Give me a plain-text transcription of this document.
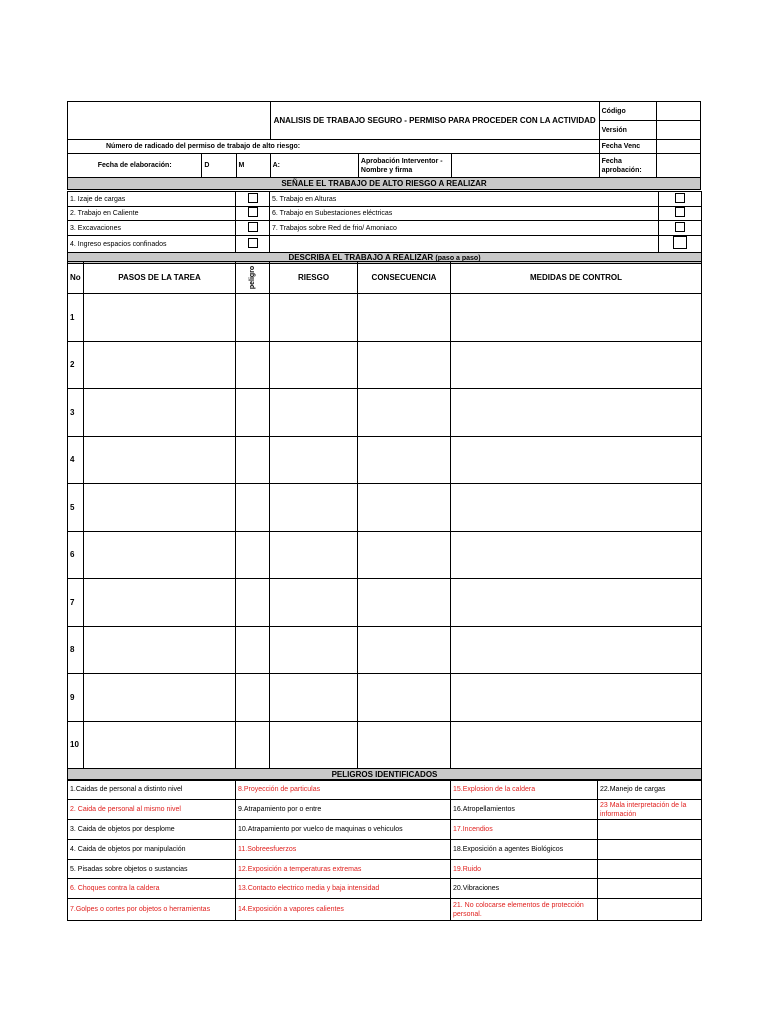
			ANALISIS DE TRABAJO SEGURO - PERMISO PARA PROCEDER CON LA ACTIVIDAD			Código	
						Versión	
Número de radicado del permiso de trabajo de alto riesgo:						Fecha Venc	
Fecha de elaboración:	D	M	A:	Aprobación Interventor - Nombre y firma		Fecha aprobación:	
SEÑALE EL TRABAJO DE ALTO RIESGO A REALIZAR							
1. Izaje de cargas		5. Trabajo en Alturas	
2. Trabajo en Caliente		6. Trabajo en Subestaciones eléctricas	
3. Excavaciones		7. Trabajos sobre Red de frio/ Amoniaco	
4. Ingreso espacios confinados			
DESCRIBA EL TRABAJO A REALIZAR (paso a paso)			
No	PASOS DE LA TAREA	peligro	RIESGO	CONSECUENCIA	MEDIDAS DE CONTROL
1					
2					
3					
4					
5					
6					
7					
8					
9					
10					
PELIGROS IDENTIFICADOS					
1.Caidas de personal a distinto nivel	8.Proyección de particulas	15.Explosion de la caldera	22.Manejo de cargas
2. Caida de personal al mismo nivel	9.Atrapamiento por o entre	16.Atropellamientos	23 Mala interpretación de la información
3. Caida de objetos por desplome	10.Atrapamiento por vuelco de maquinas o vehiculos	17.Incendios	
4. Caida de objetos por manipulación	11.Sobreesfuerzos	18.Exposición a agentes Biológicos	
5. Pisadas sobre objetos o sustancias	12.Exposición a temperaturas extremas	19.Ruido	
6. Choques contra la caldera	13.Contacto electrico media y baja intensidad	20.Vibraciones	
7.Golpes o cortes por objetos o herramientas	14.Exposición a vapores calientes	21. No colocarse elementos de protección personal.	
